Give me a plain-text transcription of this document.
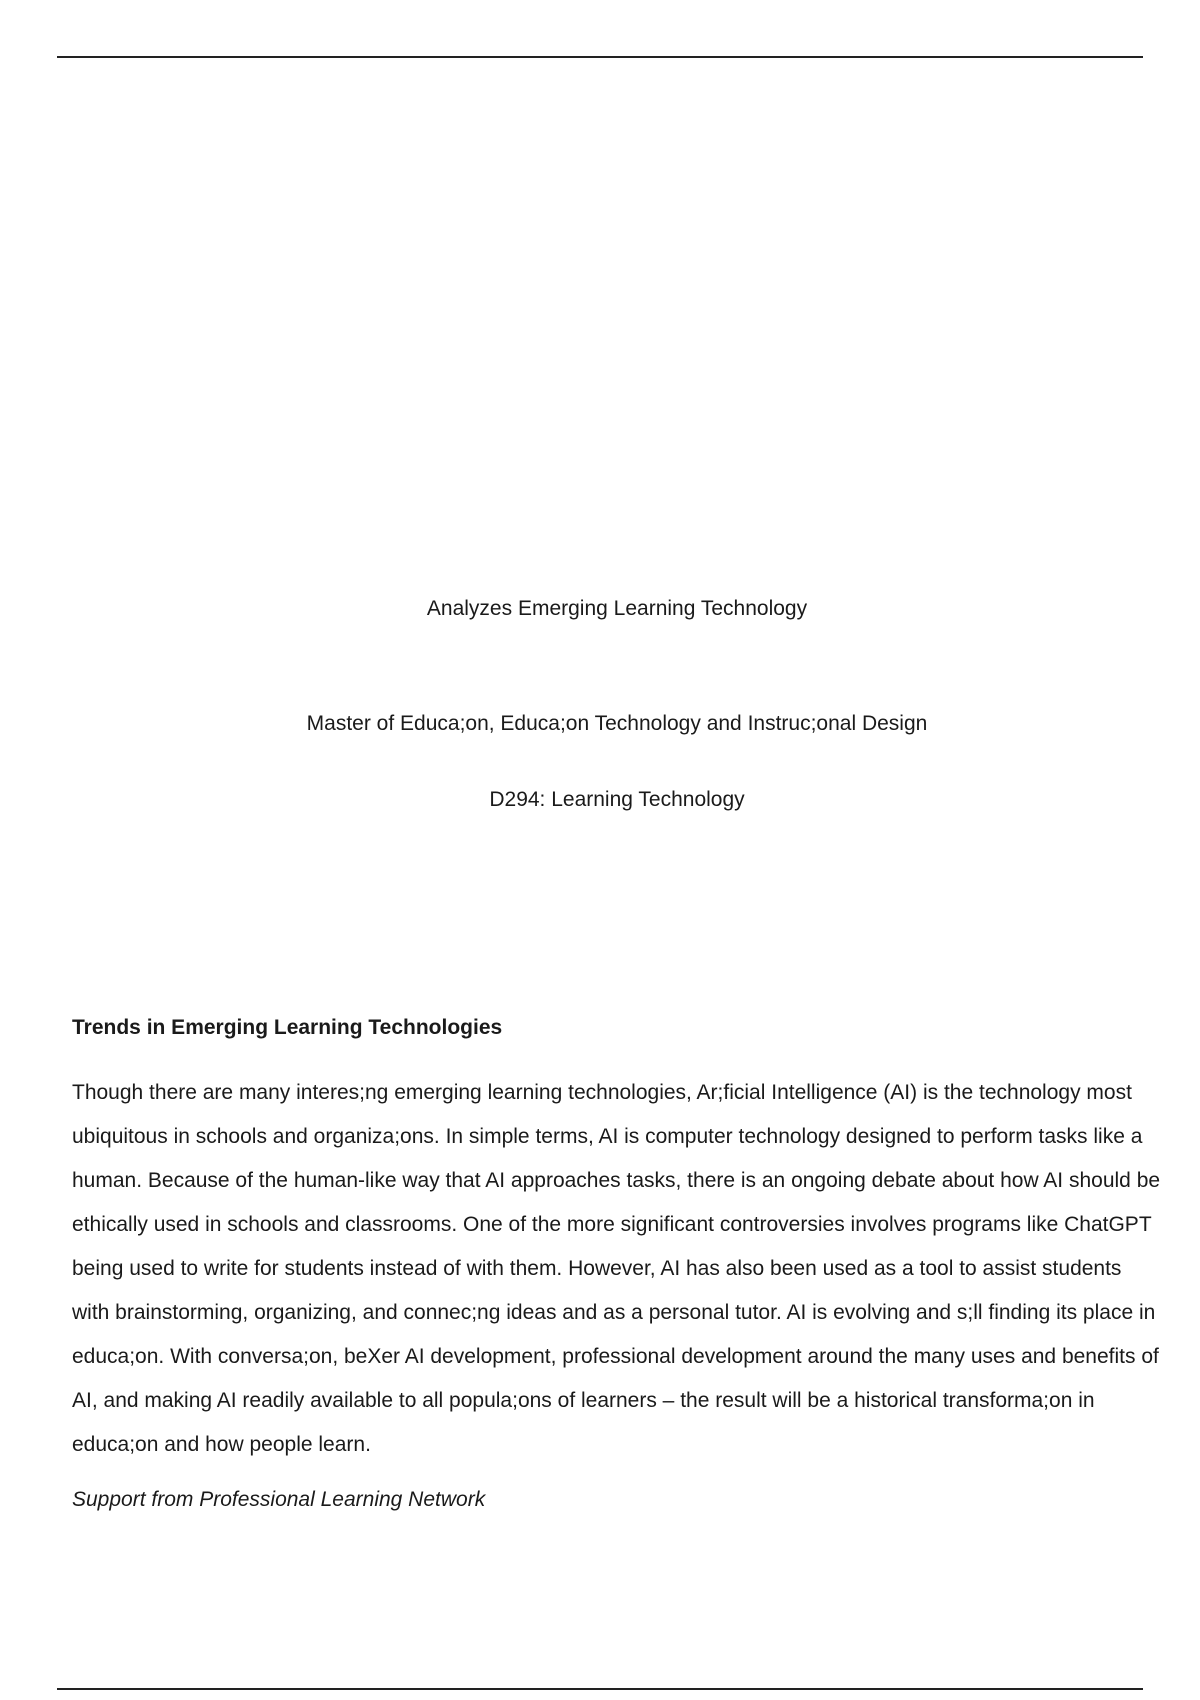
Analyzes Emerging Learning Technology
Master of Educa;on, Educa;on Technology and Instruc;onal Design
D294: Learning Technology
Trends in Emerging Learning Technologies

Though there are many interes;ng emerging learning technologies, Ar;ficial Intelligence (AI) is the technology most ubiquitous in schools and organiza;ons. In simple terms, AI is computer technology designed to perform tasks like a human. Because of the human-like way that AI approaches tasks, there is an ongoing debate about how AI should be ethically used in schools and classrooms. One of the more significant controversies involves programs like ChatGPT being used to write for students instead of with them. However, AI has also been used as a tool to assist students with brainstorming, organizing, and connec;ng ideas and as a personal tutor. AI is evolving and s;ll finding its place in educa;on. With conversa;on, beXer AI development, professional development around the many uses and benefits of AI, and making AI readily available to all popula;ons of learners – the result will be a historical transforma;on in educa;on and how people learn.

Support from Professional Learning Network
